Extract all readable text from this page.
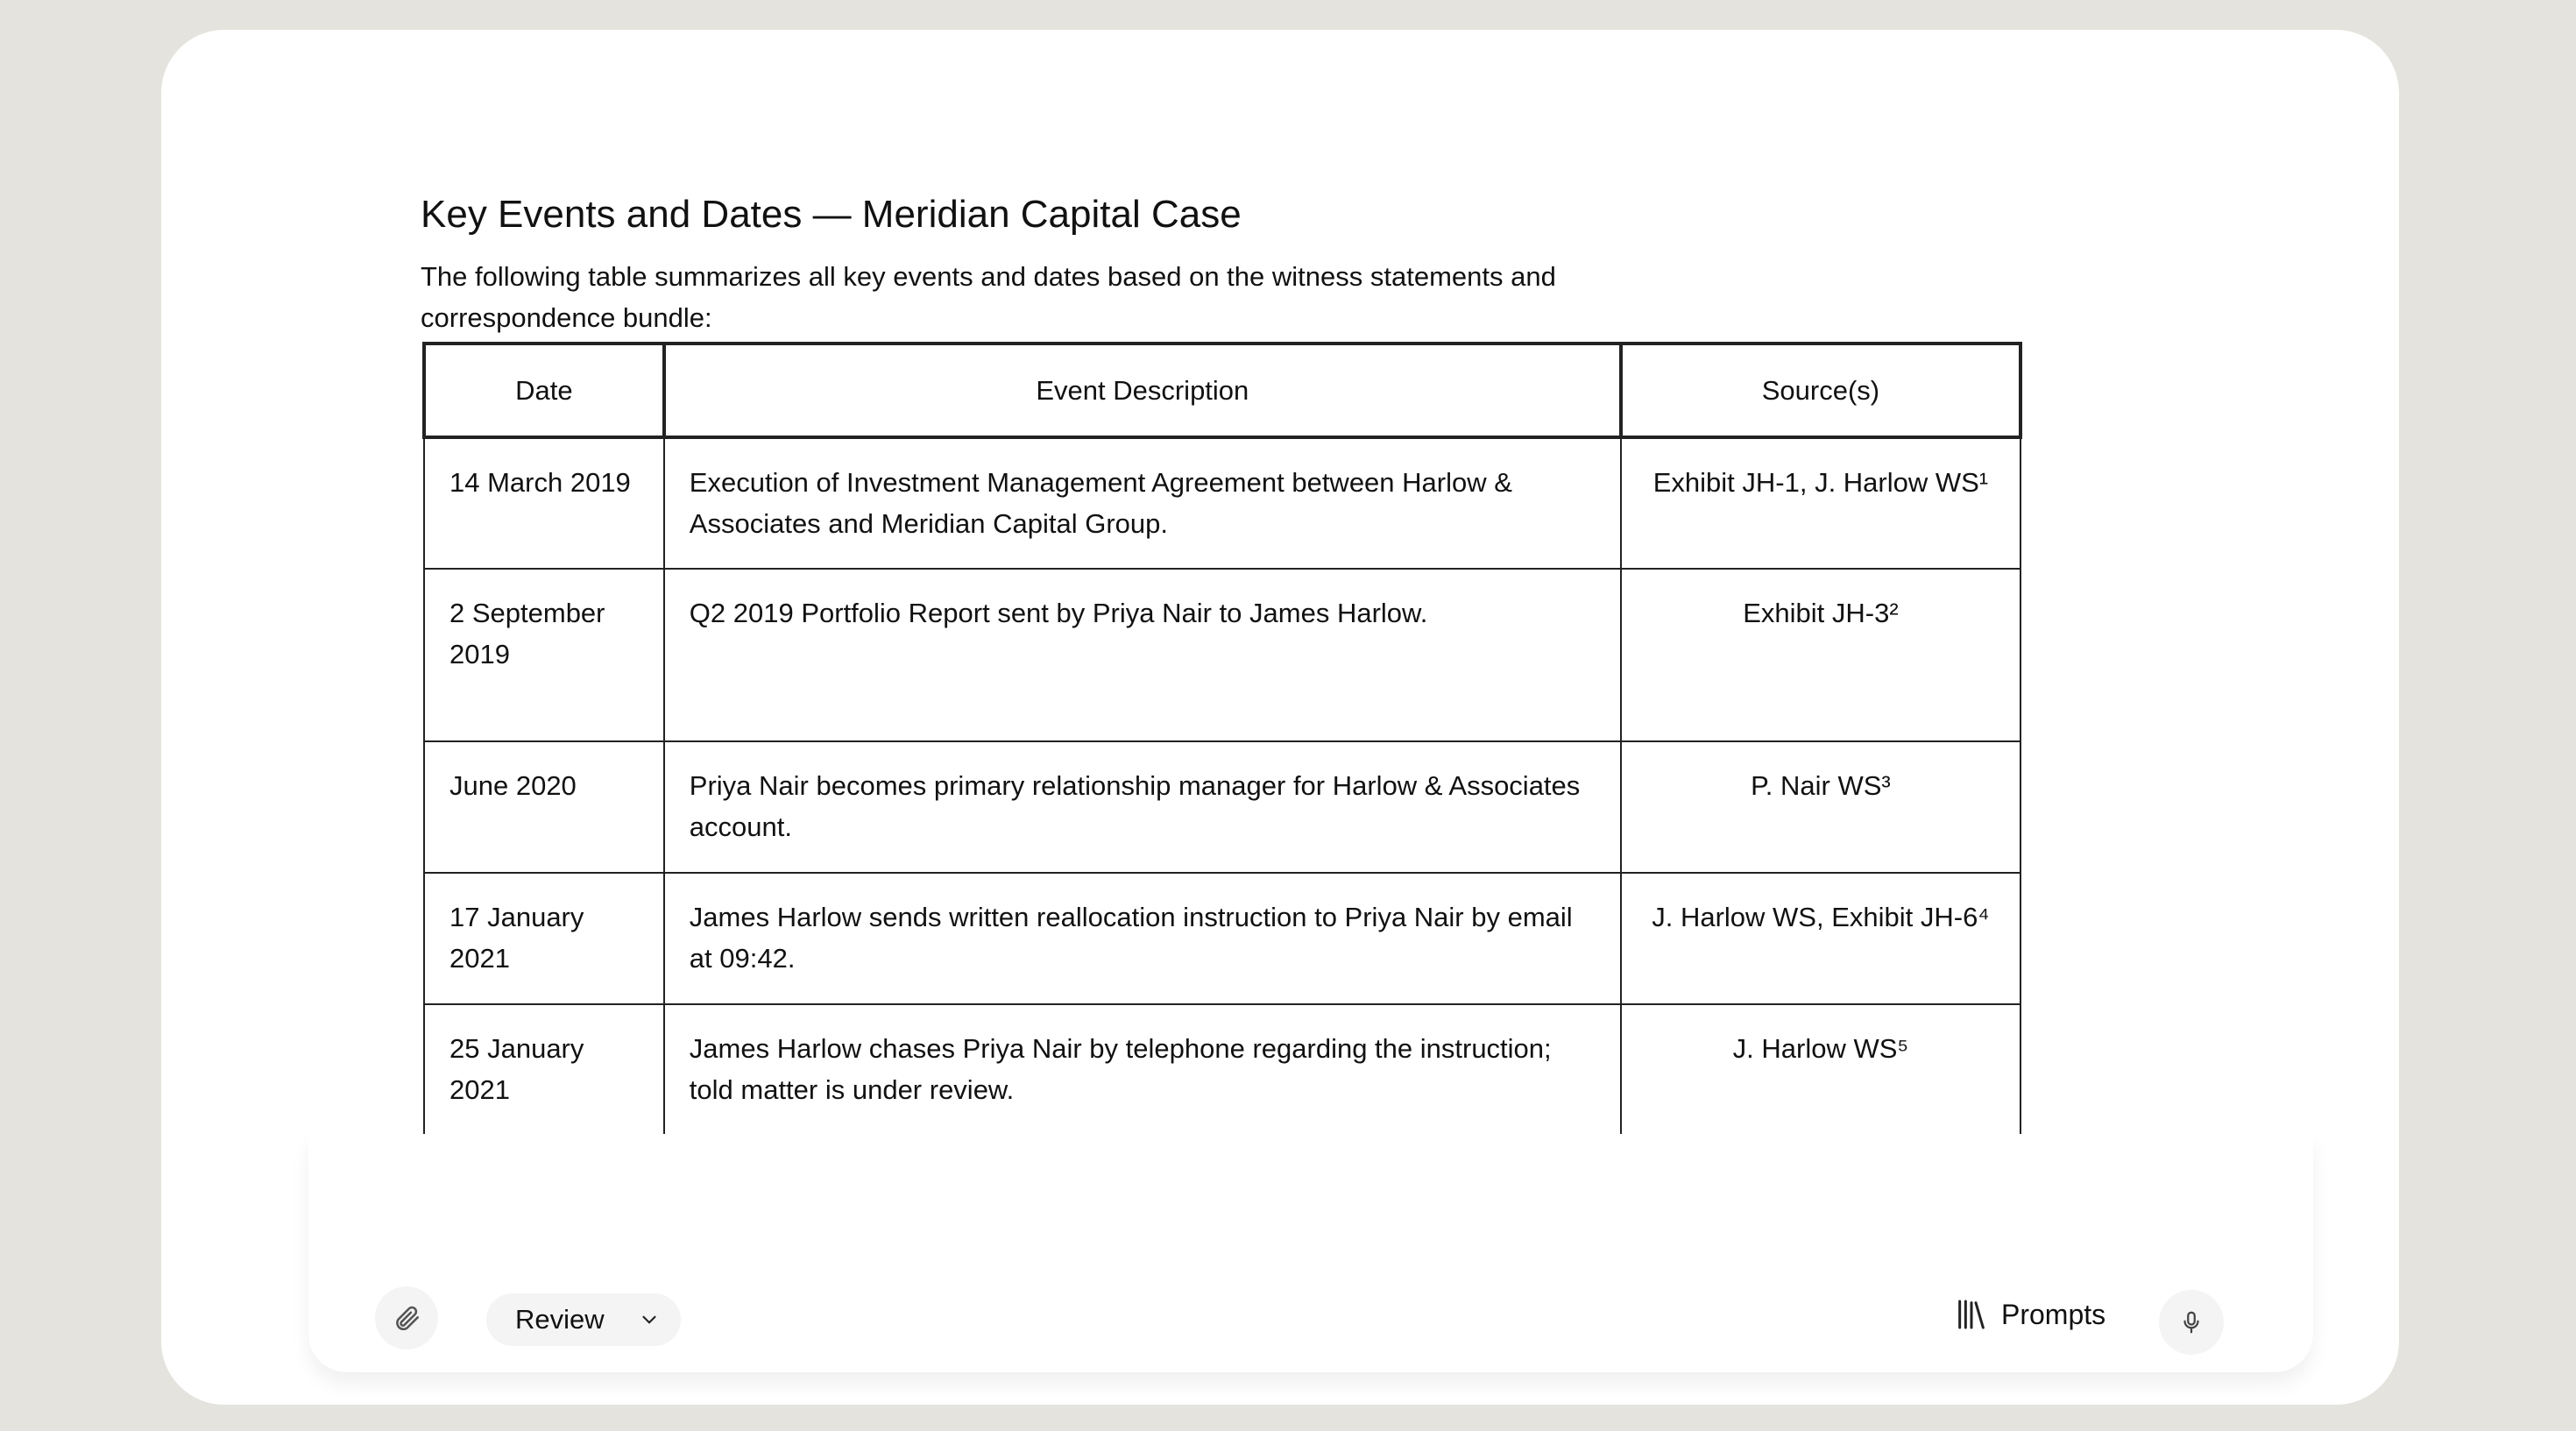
Key Events and Dates — Meridian Capital Case

The following table summarizes all key events and dates based on the witness statements and correspondence bundle:

Date	Event Description	Source(s)
14 March 2019	Execution of Investment Management Agreement between Harlow & Associates and Meridian Capital Group.	Exhibit JH-1, J. Harlow WS¹
2 September 2019	Q2 2019 Portfolio Report sent by Priya Nair to James Harlow.	Exhibit JH-3²
June 2020	Priya Nair becomes primary relationship manager for Harlow & Associates account.	P. Nair WS³
17 January 2021	James Harlow sends written reallocation instruction to Priya Nair by email at 09:42.	J. Harlow WS, Exhibit JH-6⁴
25 January 2021	James Harlow chases Priya Nair by telephone regarding the instruction; told matter is under review.	J. Harlow WS⁵
Review	Prompts
